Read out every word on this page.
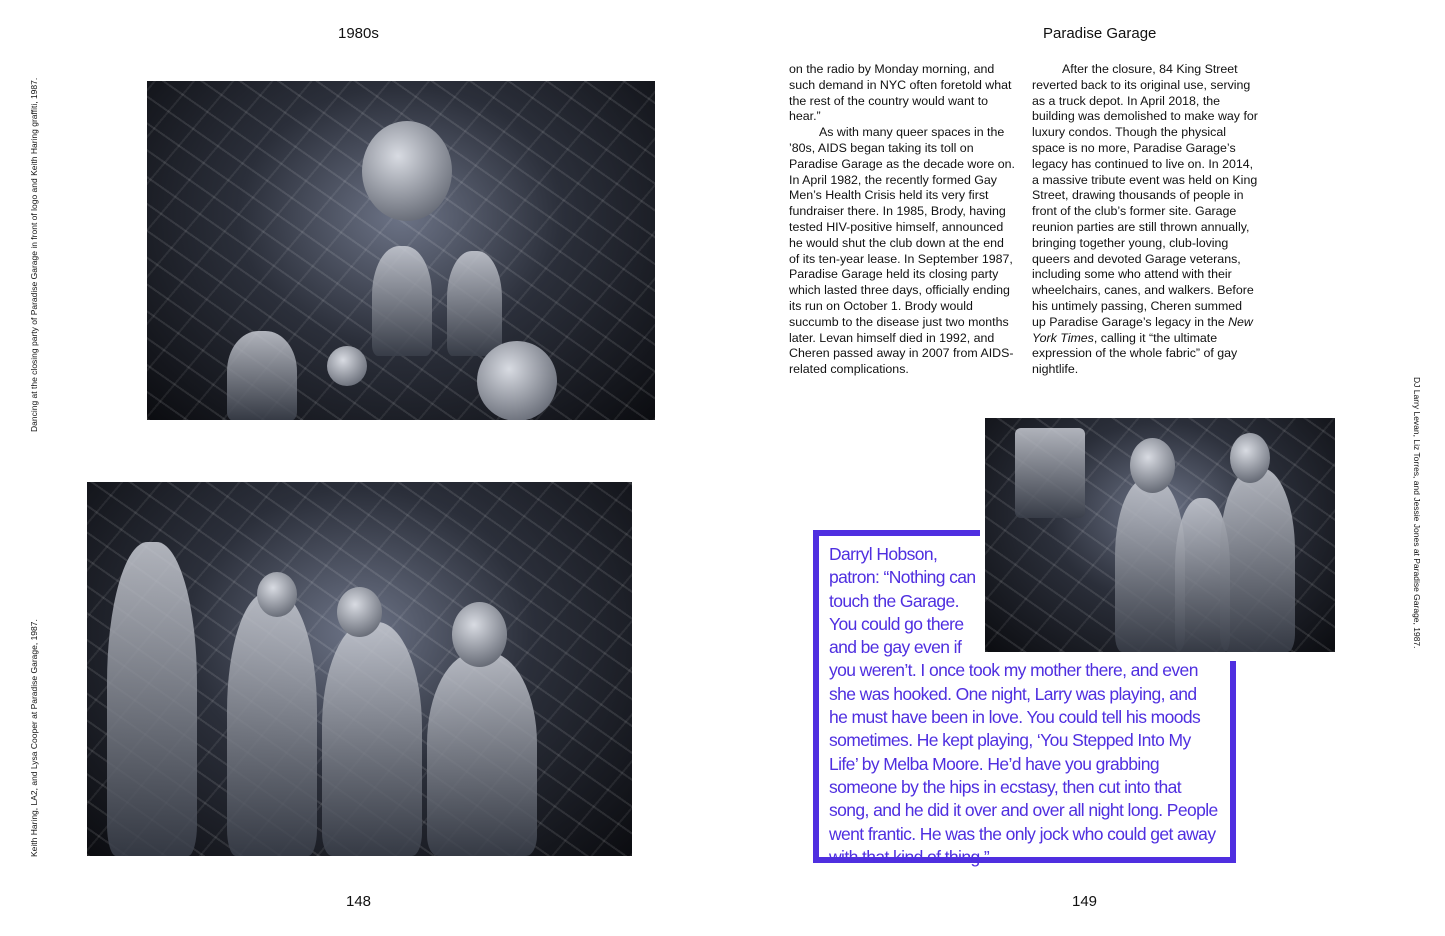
1980s	Paradise Garage
Dancing at the closing party of Paradise Garage in front of logo and Keith Haring graffiti, 1987.
Keith Haring, LA2, and Lysa Cooper at Paradise Garage, 1987.
148	149

on the radio by Monday morning, and such demand in NYC often foretold what the rest of the country would want to hear.”

As with many queer spaces in the ’80s, AIDS began taking its toll on Paradise Garage as the decade wore on. In April 1982, the recently formed Gay Men’s Health Crisis held its very first fundraiser there. In 1985, Brody, having tested HIV-positive himself, announced he would shut the club down at the end of its ten-year lease. In September 1987, Paradise Garage held its closing party which lasted three days, officially ending its run on October 1. Brody would succumb to the disease just two months later. Levan himself died in 1992, and Cheren passed away in 2007 from AIDS-related complications.

After the closure, 84 King Street reverted back to its original use, serving as a truck depot. In April 2018, the building was demolished to make way for luxury condos. Though the physical space is no more, Paradise Garage’s legacy has continued to live on. In 2014, a massive tribute event was held on King Street, drawing thousands of people in front of the club’s former site. Garage reunion parties are still thrown annually, bringing together young, club-loving queers and devoted Garage veterans, including some who attend with their wheelchairs, canes, and walkers. Before his untimely passing, Cheren summed up Paradise Garage’s legacy in the New York Times, calling it “the ultimate expression of the whole fabric” of gay nightlife.

DJ Larry Levan, Liz Torres, and Jessie Jones at Paradise Garage, 1987.
Darryl Hobson,
patron: “Nothing can
touch the Garage.
You could go there
and be gay even if
you weren’t. I once took my mother there, and even she was hooked. One night, Larry was playing, and he must have been in love. You could tell his moods sometimes. He kept playing, ‘You Stepped Into My Life’ by Melba Moore. He’d have you grabbing someone by the hips in ecstasy, then cut into that song, and he did it over and over all night long. People went frantic. He was the only jock who could get away with that kind of thing.”
